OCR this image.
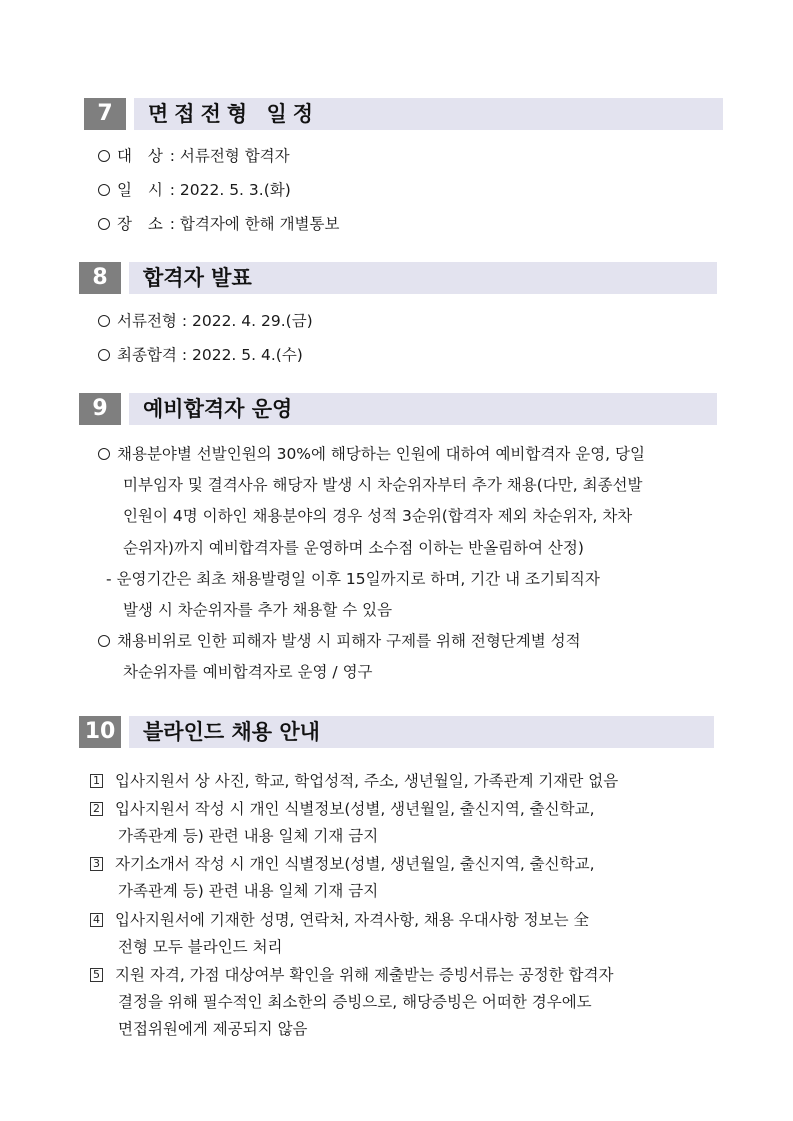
7	면접전형 일정
대  상 : 서류전형 합격자
일  시 : 2022. 5. 3.(화)
장  소 : 합격자에 한해 개별통보
8	합격자 발표
서류전형 : 2022. 4. 29.(금)
최종합격 : 2022. 5. 4.(수)
9	예비합격자 운영
채용분야별 선발인원의 30%에 해당하는 인원에 대하여 예비합격자 운영, 당일
미부임자 및 결격사유 해당자 발생 시 차순위자부터 추가 채용(다만, 최종선발
인원이 4명 이하인 채용분야의 경우 성적 3순위(합격자 제외 차순위자, 차차
순위자)까지 예비합격자를 운영하며 소수점 이하는 반올림하여 산정)
- 운영기간은 최초 채용발령일 이후 15일까지로 하며, 기간 내 조기퇴직자
발생 시 차순위자를 추가 채용할 수 있음
채용비위로 인한 피해자 발생 시 피해자 구제를 위해 전형단계별 성적
차순위자를 예비합격자로 운영 / 영구
10	블라인드 채용 안내
1 입사지원서 상 사진, 학교, 학업성적, 주소, 생년월일, 가족관계 기재란 없음
2 입사지원서 작성 시 개인 식별정보(성별, 생년월일, 출신지역, 출신학교,
가족관계 등) 관련 내용 일체 기재 금지
3 자기소개서 작성 시 개인 식별정보(성별, 생년월일, 출신지역, 출신학교,
가족관계 등) 관련 내용 일체 기재 금지
4 입사지원서에 기재한 성명, 연락처, 자격사항, 채용 우대사항 정보는 全
전형 모두 블라인드 처리
5 지원 자격, 가점 대상여부 확인을 위해 제출받는 증빙서류는 공정한 합격자
결정을 위해 필수적인 최소한의 증빙으로, 해당증빙은 어떠한 경우에도
면접위원에게 제공되지 않음
